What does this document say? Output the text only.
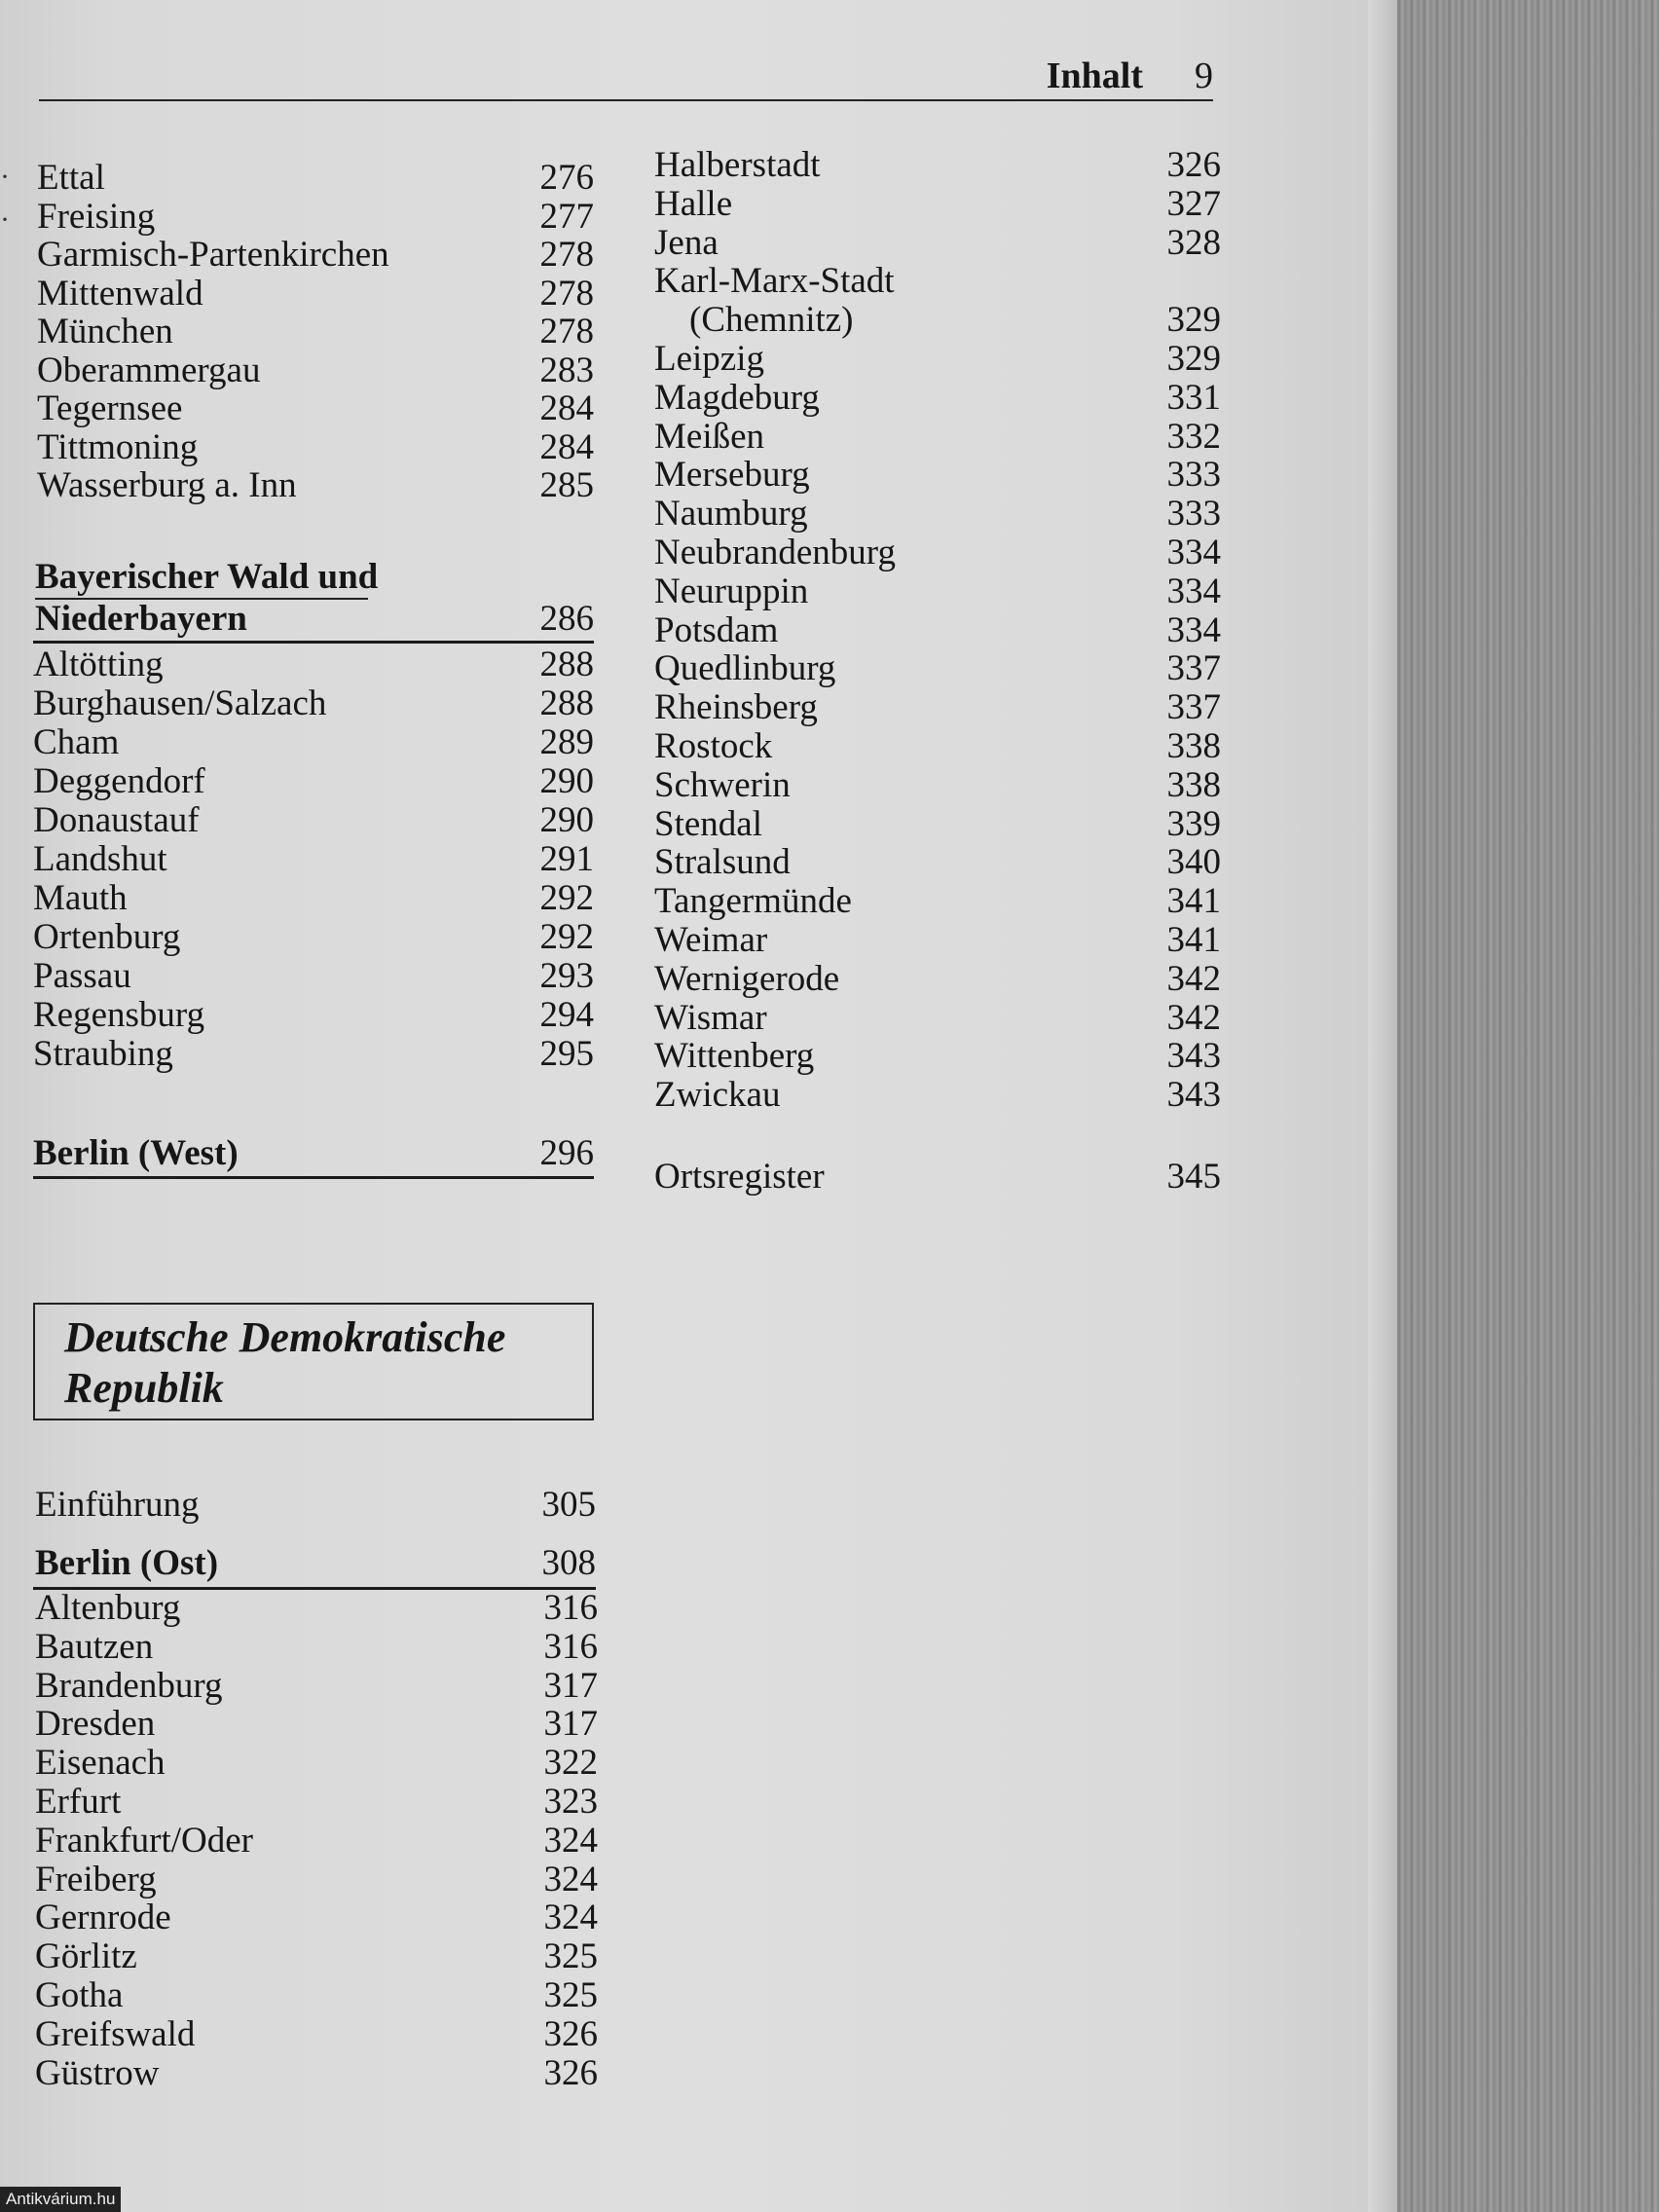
Inhalt 9
Ettal	276
Freising	277
Garmisch-Partenkirchen	278
Mittenwald	278
München	278
Oberammergau	283
Tegernsee	284
Tittmoning	284
Wasserburg a. Inn	285
Bayerischer Wald und
Niederbayern	286
Altötting	288
Burghausen/Salzach	288
Cham	289
Deggendorf	290
Donaustauf	290
Landshut	291
Mauth	292
Ortenburg	292
Passau	293
Regensburg	294
Straubing	295
Berlin (West)	296
Deutsche Demokratische
Republik
Einführung	305
Berlin (Ost)	308
Altenburg	316
Bautzen	316
Brandenburg	317
Dresden	317
Eisenach	322
Erfurt	323
Frankfurt/Oder	324
Freiberg	324
Gernrode	324
Görlitz	325
Gotha	325
Greifswald	326
Güstrow	326
Halberstadt	326
Halle	327
Jena	328
Karl-Marx-Stadt
(Chemnitz)	329
Leipzig	329
Magdeburg	331
Meißen	332
Merseburg	333
Naumburg	333
Neubrandenburg	334
Neuruppin	334
Potsdam	334
Quedlinburg	337
Rheinsberg	337
Rostock	338
Schwerin	338
Stendal	339
Stralsund	340
Tangermünde	341
Weimar	341
Wernigerode	342
Wismar	342
Wittenberg	343
Zwickau	343
Ortsregister	345
·
·
Antikvárium.hu
